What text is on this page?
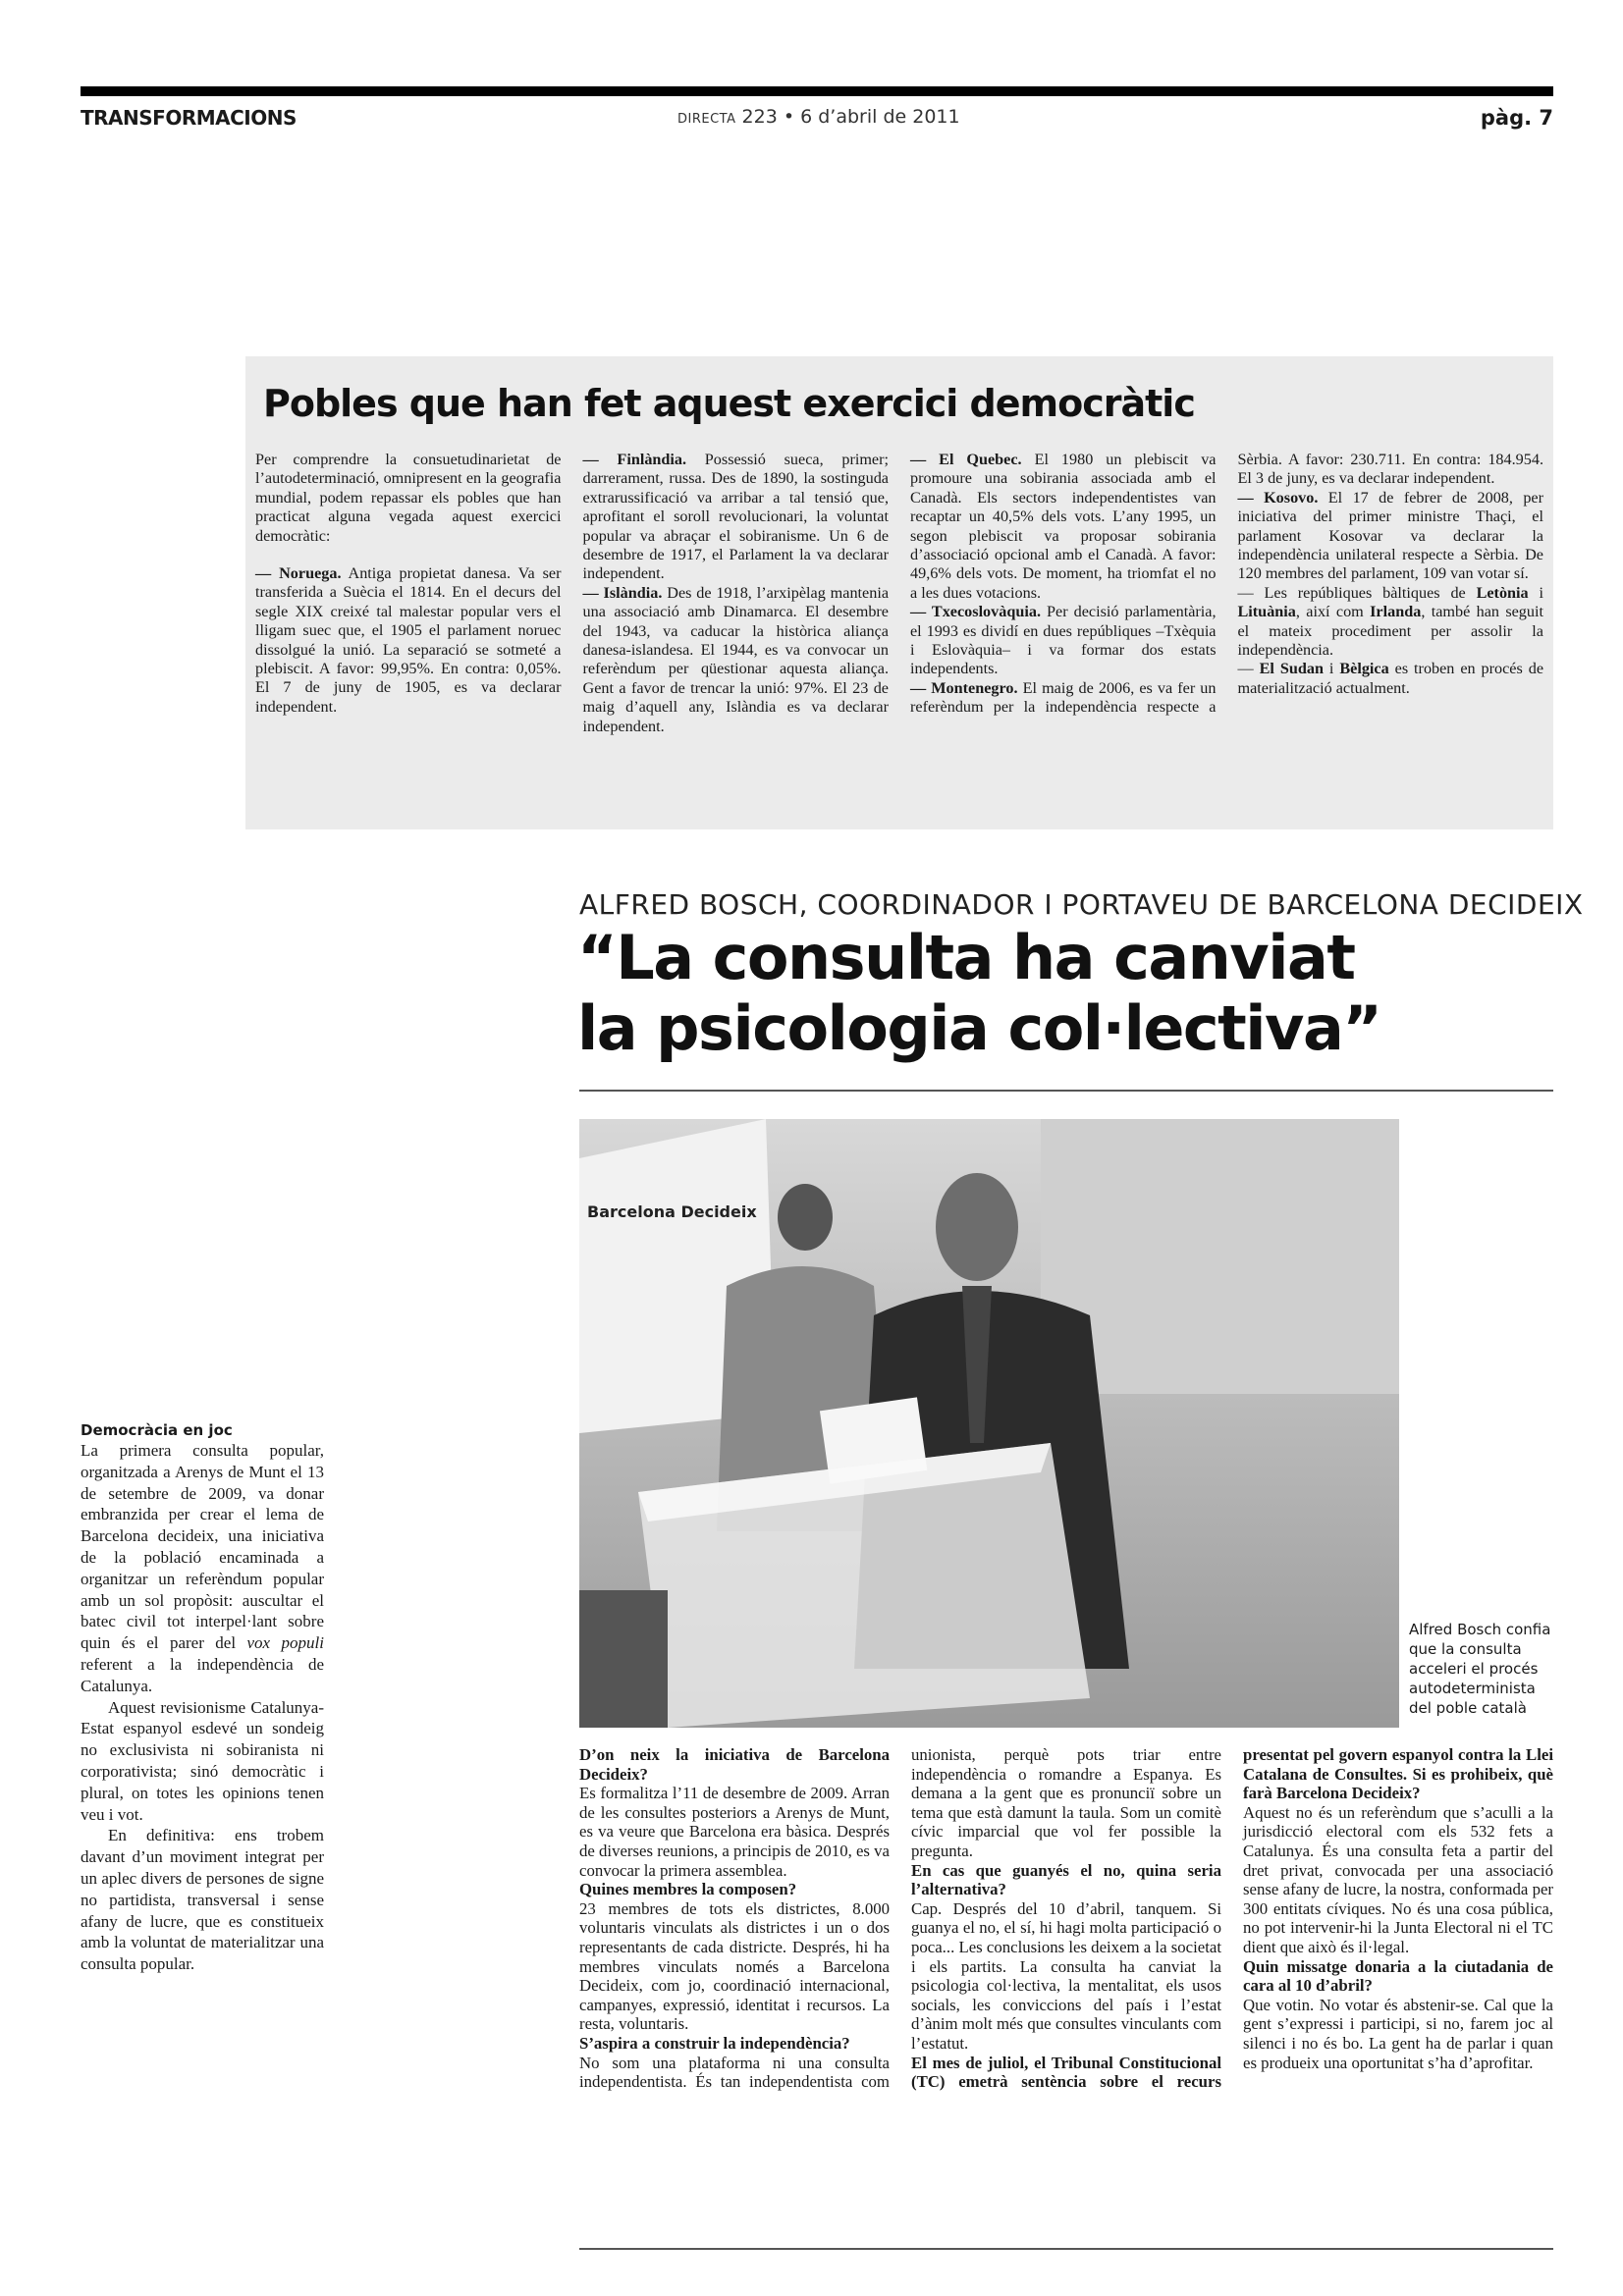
TRANSFORMACIONS	DIRECTA 223 • 6 d’abril de 2011	pàg. 7
Pobles que han fet aquest exercici democràtic

Per comprendre la consuetudinarietat de l’autodeterminació, omnipresent en la geografia mundial, podem repassar els pobles que han practicat alguna vegada aquest exercici democràtic:

— Noruega. Antiga propietat danesa. Va ser transferida a Suècia el 1814. En el decurs del segle XIX creixé tal malestar popular vers el lligam suec que, el 1905 el parlament noruec dissolgué la unió. La separació se sotmeté a plebiscit. A favor: 99,95%. En contra: 0,05%. El 7 de juny de 1905, es va declarar independent.

— Finlàndia. Possessió sueca, primer; darrerament, russa. Des de 1890, la sostinguda extrarussificació va arribar a tal tensió que, aprofitant el soroll revolucionari, la voluntat popular va abraçar el sobiranisme. Un 6 de desembre de 1917, el Parlament la va declarar independent.

— Islàndia. Des de 1918, l’arxipèlag mantenia una associació amb Dinamarca. El desembre del 1943, va caducar la històrica aliança danesa-islandesa. El 1944, es va convocar un referèndum per qüestionar aquesta aliança. Gent a favor de trencar la unió: 97%. El 23 de maig d’aquell any, Islàndia es va declarar independent.

— El Quebec. El 1980 un plebiscit va promoure una sobirania associada amb el Canadà. Els sectors independentistes van recaptar un 40,5% dels vots. L’any 1995, un segon plebiscit va proposar sobirania d’associació opcional amb el Canadà. A favor: 49,6% dels vots. De moment, ha triomfat el no a les dues votacions.

— Txecoslovàquia. Per decisió parlamentària, el 1993 es dividí en dues repúbliques –Txèquia i Eslovàquia– i va formar dos estats independents.

— Montenegro. El maig de 2006, es va fer un referèndum per la independència respecte a Sèrbia. A favor: 230.711. En contra: 184.954. El 3 de juny, es va declarar independent.

— Kosovo. El 17 de febrer de 2008, per iniciativa del primer ministre Thaçi, el parlament Kosovar va declarar la independència unilateral respecte a Sèrbia. De 120 membres del parlament, 109 van votar sí.

— Les repúbliques bàltiques de Letònia i Lituània, així com Irlanda, també han seguit el mateix procediment per assolir la independència.

— El Sudan i Bèlgica es troben en procés de materialització actualment.

ALFRED BOSCH, COORDINADOR I PORTAVEU DE BARCELONA DECIDEIX
“La consulta ha canviat
la psicologia col·lectiva”
Barcelona Decideix
Alfred Bosch confia que la consulta acceleri el procés autodeterminista del poble català
Democràcia en joc

La primera consulta popular, organitzada a Arenys de Munt el 13 de setembre de 2009, va donar embranzida per crear el lema de Barcelona decideix, una iniciativa de la població encaminada a organitzar un referèndum popular amb un sol propòsit: auscultar el batec civil tot interpel·lant sobre quin és el parer del vox populi referent a la independència de Catalunya.

Aquest revisionisme Catalunya-Estat espanyol esdevé un sondeig no exclusivista ni sobiranista ni corporativista; sinó democràtic i plural, on totes les opinions tenen veu i vot.

En definitiva: ens trobem davant d’un moviment integrat per un aplec divers de persones de signe no partidista, transversal i sense afany de lucre, que es constitueix amb la voluntat de materialitzar una consulta popular.

D’on neix la iniciativa de Barcelona Decideix?

Es formalitza l’11 de desembre de 2009. Arran de les consultes posteriors a Arenys de Munt, es va veure que Barcelona era bàsica. Després de diverses reunions, a principis de 2010, es va convocar la primera assemblea.

Quines membres la composen?

23 membres de tots els districtes, 8.000 voluntaris vinculats als districtes i un o dos representants de cada districte. Després, hi ha membres vinculats només a Barcelona Decideix, com jo, coordinació internacional, campanyes, expressió, identitat i recursos. La resta, voluntaris.

S’aspira a construir la independència?

No som una plataforma ni una consulta independentista. És tan independentista com unionista, perquè pots triar entre independència o romandre a Espanya. Es demana a la gent que es pronunciï sobre un tema que està damunt la taula. Som un comitè cívic imparcial que vol fer possible la pregunta.

En cas que guanyés el no, quina seria l’alternativa?

Cap. Després del 10 d’abril, tanquem. Si guanya el no, el sí, hi hagi molta participació o poca... Les conclusions les deixem a la societat i els partits. La consulta ha canviat la psicologia col·lectiva, la mentalitat, els usos socials, les conviccions del país i l’estat d’ànim molt més que consultes vinculants com l’estatut.

El mes de juliol, el Tribunal Constitucional (TC) emetrà sentència sobre el recurs presentat pel govern espanyol contra la Llei Catalana de Consultes. Si es prohibeix, què farà Barcelona Decideix?

Aquest no és un referèndum que s’aculli a la jurisdicció electoral com els 532 fets a Catalunya. És una consulta feta a partir del dret privat, convocada per una associació sense afany de lucre, la nostra, conformada per 300 entitats cíviques. No és una cosa pública, no pot intervenir-hi la Junta Electoral ni el TC dient que això és il·legal.

Quin missatge donaria a la ciutadania de cara al 10 d’abril?

Que votin. No votar és abstenir-se. Cal que la gent s’expressi i participi, si no, farem joc al silenci i no és bo. La gent ha de parlar i quan es produeix una oportunitat s’ha d’aprofitar.
